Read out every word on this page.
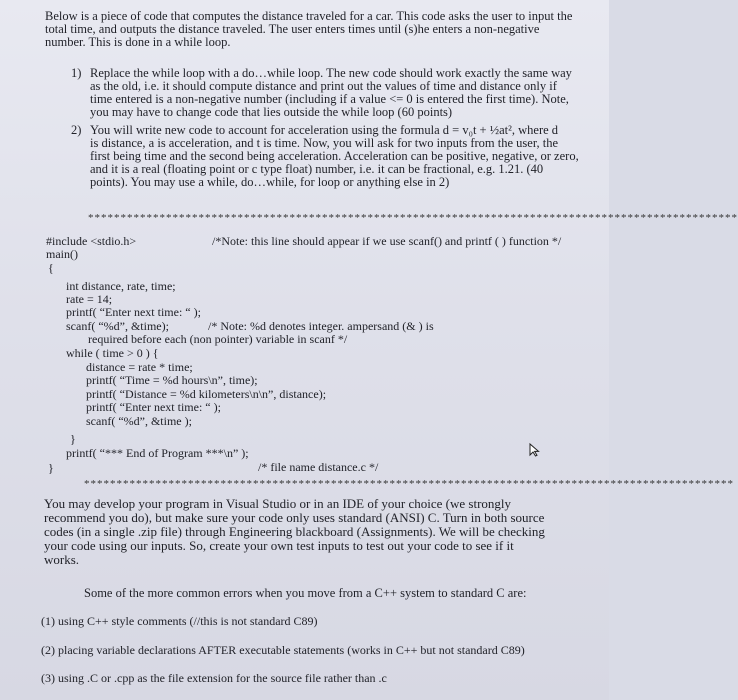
Below is a piece of code that computes the distance traveled for a car. This code asks the user to input the
total time, and outputs the distance traveled. The user enters times until (s)he enters a non-negative
number. This is done in a while loop.
1) Replace the while loop with a do…while loop. The new code should work exactly the same way
as the old, i.e. it should compute distance and print out the values of time and distance only if
time entered is a non-negative number (including if a value <= 0 is entered the first time). Note,
you may have to change code that lies outside the while loop (60 points)
2) You will write new code to account for acceleration using the formula d = v₀t + ½at², where d
is distance, a is acceleration, and t is time. Now, you will ask for two inputs from the user, the
first being time and the second being acceleration. Acceleration can be positive, negative, or zero,
and it is a real (floating point or c type float) number, i.e. it can be fractional, e.g. 1.21. (40
points). You may use a while, do…while, for loop or anything else in 2)
****************************************************************************************************
#include <stdio.h>	/*Note: this line should appear if we use scanf() and printf ( ) function */
main()
{
int distance, rate, time;
rate = 14;
printf( “Enter next time: “ );
scanf( “%d”, &time);	/* Note: %d denotes integer. ampersand (& ) is
required before each (non pointer) variable in scanf */
while ( time > 0 ) {
distance = rate * time;
printf( “Time = %d hours\n”, time);
printf( “Distance = %d kilometers\n\n”, distance);
printf( “Enter next time: “ );
scanf( “%d”, &time );
}
printf( “*** End of Program ***\n” );
}	/* file name distance.c */
****************************************************************************************************
You may develop your program in Visual Studio or in an IDE of your choice (we strongly
recommend you do), but make sure your code only uses standard (ANSI) C. Turn in both source
codes (in a single .zip file) through Engineering blackboard (Assignments). We will be checking
your code using our inputs. So, create your own test inputs to test out your code to see if it
works.
Some of the more common errors when you move from a C++ system to standard C are:
(1) using C++ style comments (//this is not standard C89)
(2) placing variable declarations AFTER executable statements (works in C++ but not standard C89)
(3) using .C or .cpp as the file extension for the source file rather than .c
